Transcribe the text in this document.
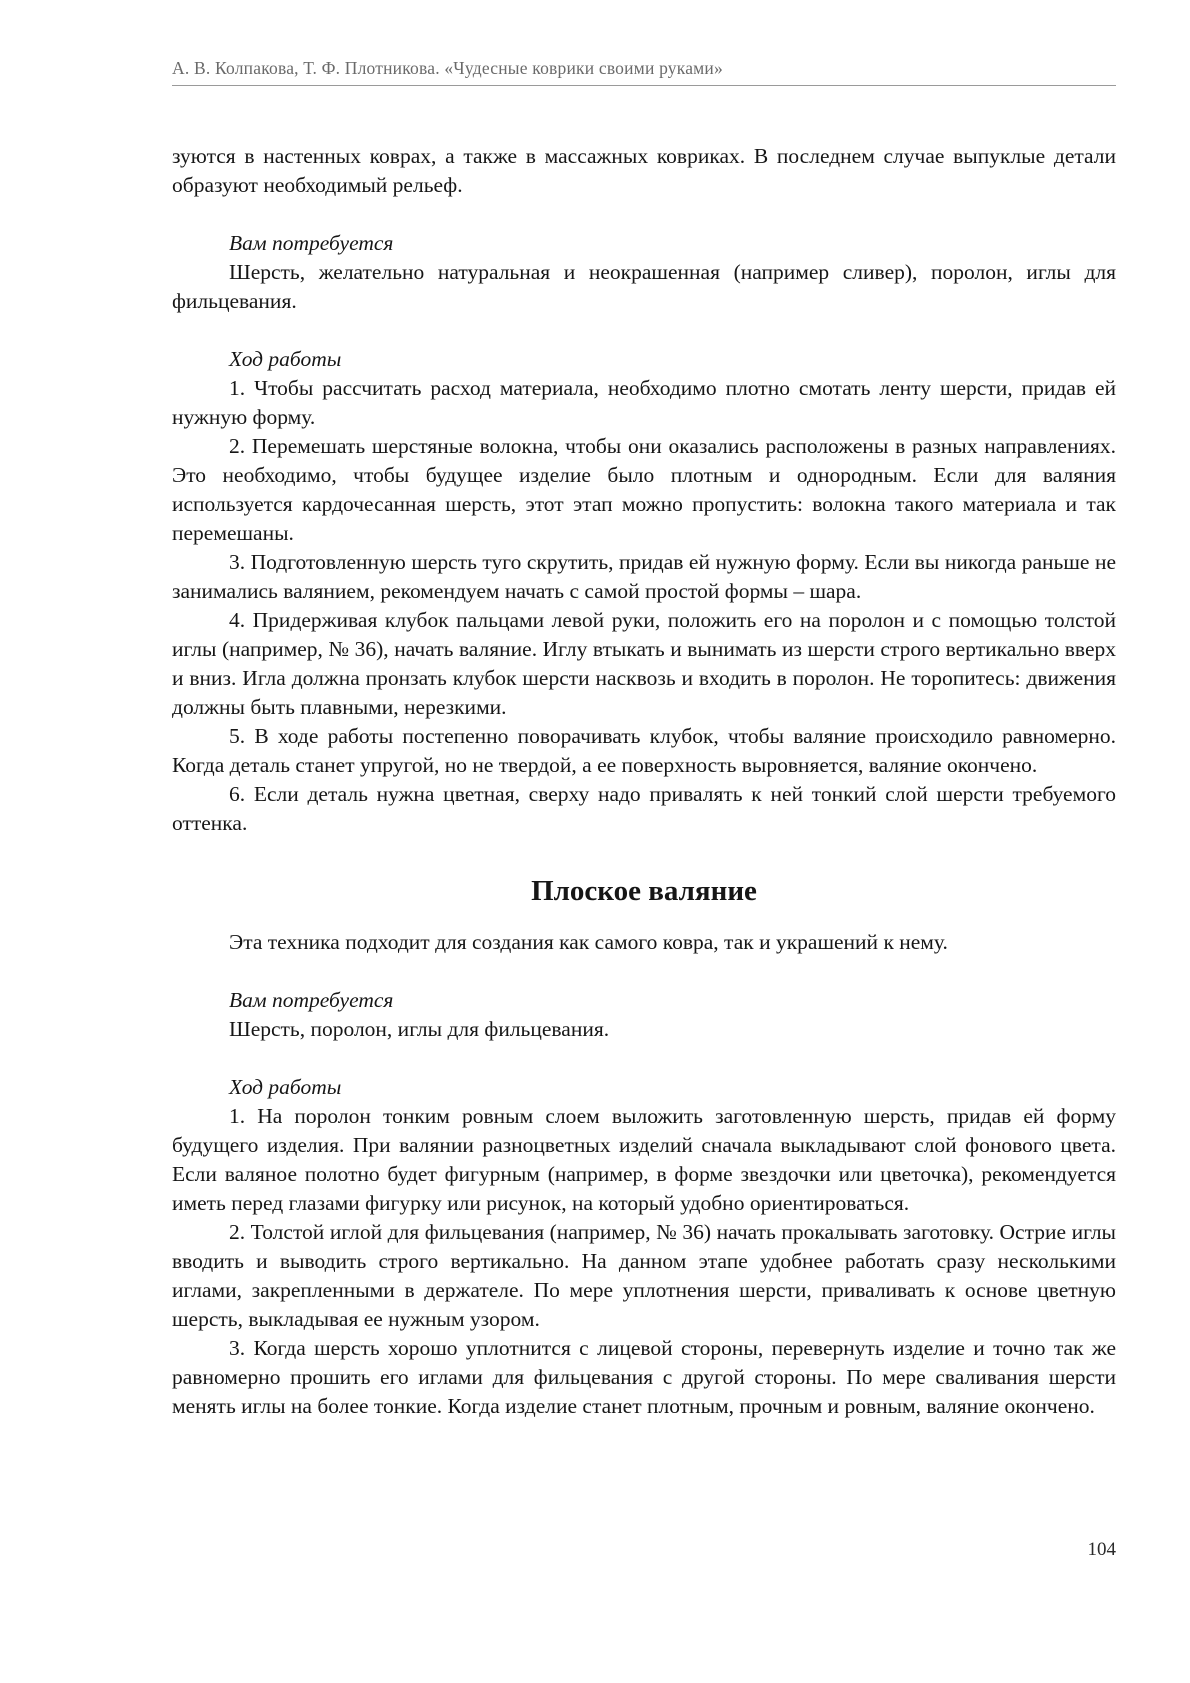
А. В. Колпакова, Т. Ф. Плотникова. «Чудесные коврики своими руками»

зуются в настенных коврах, а также в массажных ковриках. В последнем случае выпуклые детали образуют необходимый рельеф.

Вам потребуется

Шерсть, желательно натуральная и неокрашенная (например сливер), поролон, иглы для фильцевания.

Ход работы

1. Чтобы рассчитать расход материала, необходимо плотно смотать ленту шерсти, придав ей нужную форму.

2. Перемешать шерстяные волокна, чтобы они оказались расположены в разных направлениях. Это необходимо, чтобы будущее изделие было плотным и однородным. Если для валяния используется кардочесанная шерсть, этот этап можно пропустить: волокна такого материала и так перемешаны.

3. Подготовленную шерсть туго скрутить, придав ей нужную форму. Если вы никогда раньше не занимались валянием, рекомендуем начать с самой простой формы – шара.

4. Придерживая клубок пальцами левой руки, положить его на поролон и с помощью толстой иглы (например, № 36), начать валяние. Иглу втыкать и вынимать из шерсти строго вертикально вверх и вниз. Игла должна пронзать клубок шерсти насквозь и входить в поролон. Не торопитесь: движения должны быть плавными, нерезкими.

5. В ходе работы постепенно поворачивать клубок, чтобы валяние происходило равномерно. Когда деталь станет упругой, но не твердой, а ее поверхность выровняется, валяние окончено.

6. Если деталь нужна цветная, сверху надо привалять к ней тонкий слой шерсти требуемого оттенка.

Плоское валяние

Эта техника подходит для создания как самого ковра, так и украшений к нему.

Вам потребуется

Шерсть, поролон, иглы для фильцевания.

Ход работы

1. На поролон тонким ровным слоем выложить заготовленную шерсть, придав ей форму будущего изделия. При валянии разноцветных изделий сначала выкладывают слой фонового цвета. Если валяное полотно будет фигурным (например, в форме звездочки или цветочка), рекомендуется иметь перед глазами фигурку или рисунок, на который удобно ориентироваться.

2. Толстой иглой для фильцевания (например, № 36) начать прокалывать заготовку. Острие иглы вводить и выводить строго вертикально. На данном этапе удобнее работать сразу несколькими иглами, закрепленными в держателе. По мере уплотнения шерсти, приваливать к основе цветную шерсть, выкладывая ее нужным узором.

3. Когда шерсть хорошо уплотнится с лицевой стороны, перевернуть изделие и точно так же равномерно прошить его иглами для фильцевания с другой стороны. По мере сваливания шерсти менять иглы на более тонкие. Когда изделие станет плотным, прочным и ровным, валяние окончено.

104
